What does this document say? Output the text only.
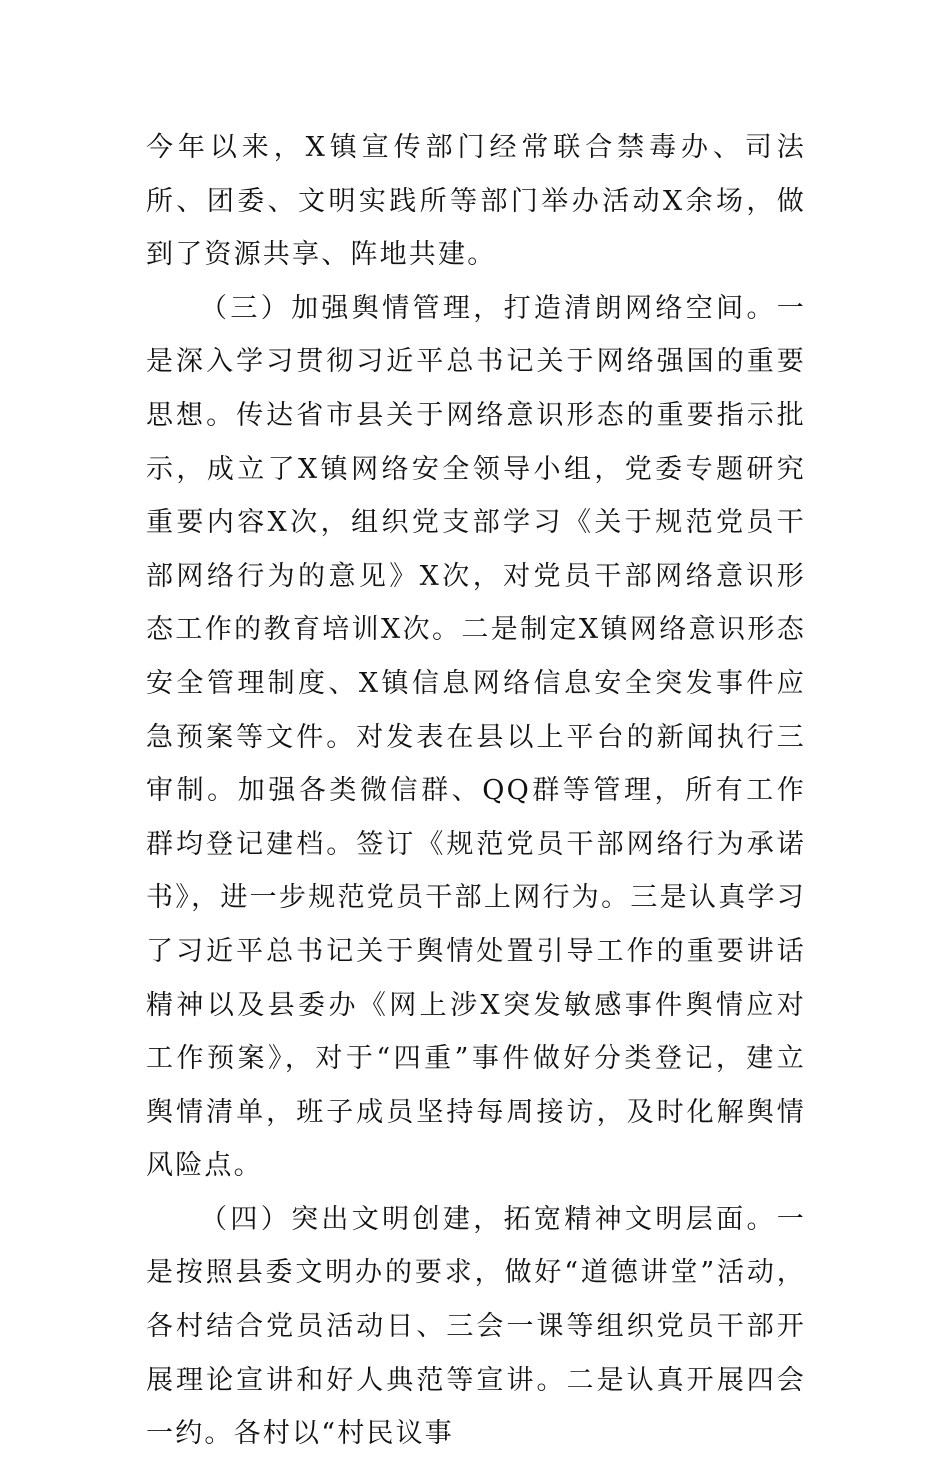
今年以来，X镇宣传部门经常联合禁毒办、司法所、团委、文明实践所等部门举办活动X余场，做到了资源共享、阵地共建。

（三）加强舆情管理，打造清朗网络空间。一是深入学习贯彻习近平总书记关于网络强国的重要思想。传达省市县关于网络意识形态的重要指示批示，成立了X镇网络安全领导小组，党委专题研究重要内容X次，组织党支部学习《关于规范党员干部网络行为的意见》X次，对党员干部网络意识形态工作的教育培训X次。二是制定X镇网络意识形态安全管理制度、X镇信息网络信息安全突发事件应急预案等文件。对发表在县以上平台的新闻执行三审制。加强各类微信群、QQ群等管理，所有工作群均登记建档。签订《规范党员干部网络行为承诺书》，进一步规范党员干部上网行为。三是认真学习了习近平总书记关于舆情处置引导工作的重要讲话精神以及县委办《网上涉X突发敏感事件舆情应对工作预案》，对于“四重”事件做好分类登记，建立舆情清单，班子成员坚持每周接访，及时化解舆情风险点。

（四）突出文明创建，拓宽精神文明层面。一是按照县委文明办的要求，做好“道德讲堂”活动，各村结合党员活动日、三会一课等组织党员干部开展理论宣讲和好人典范等宣讲。二是认真开展四会一约。各村以“村民议事
